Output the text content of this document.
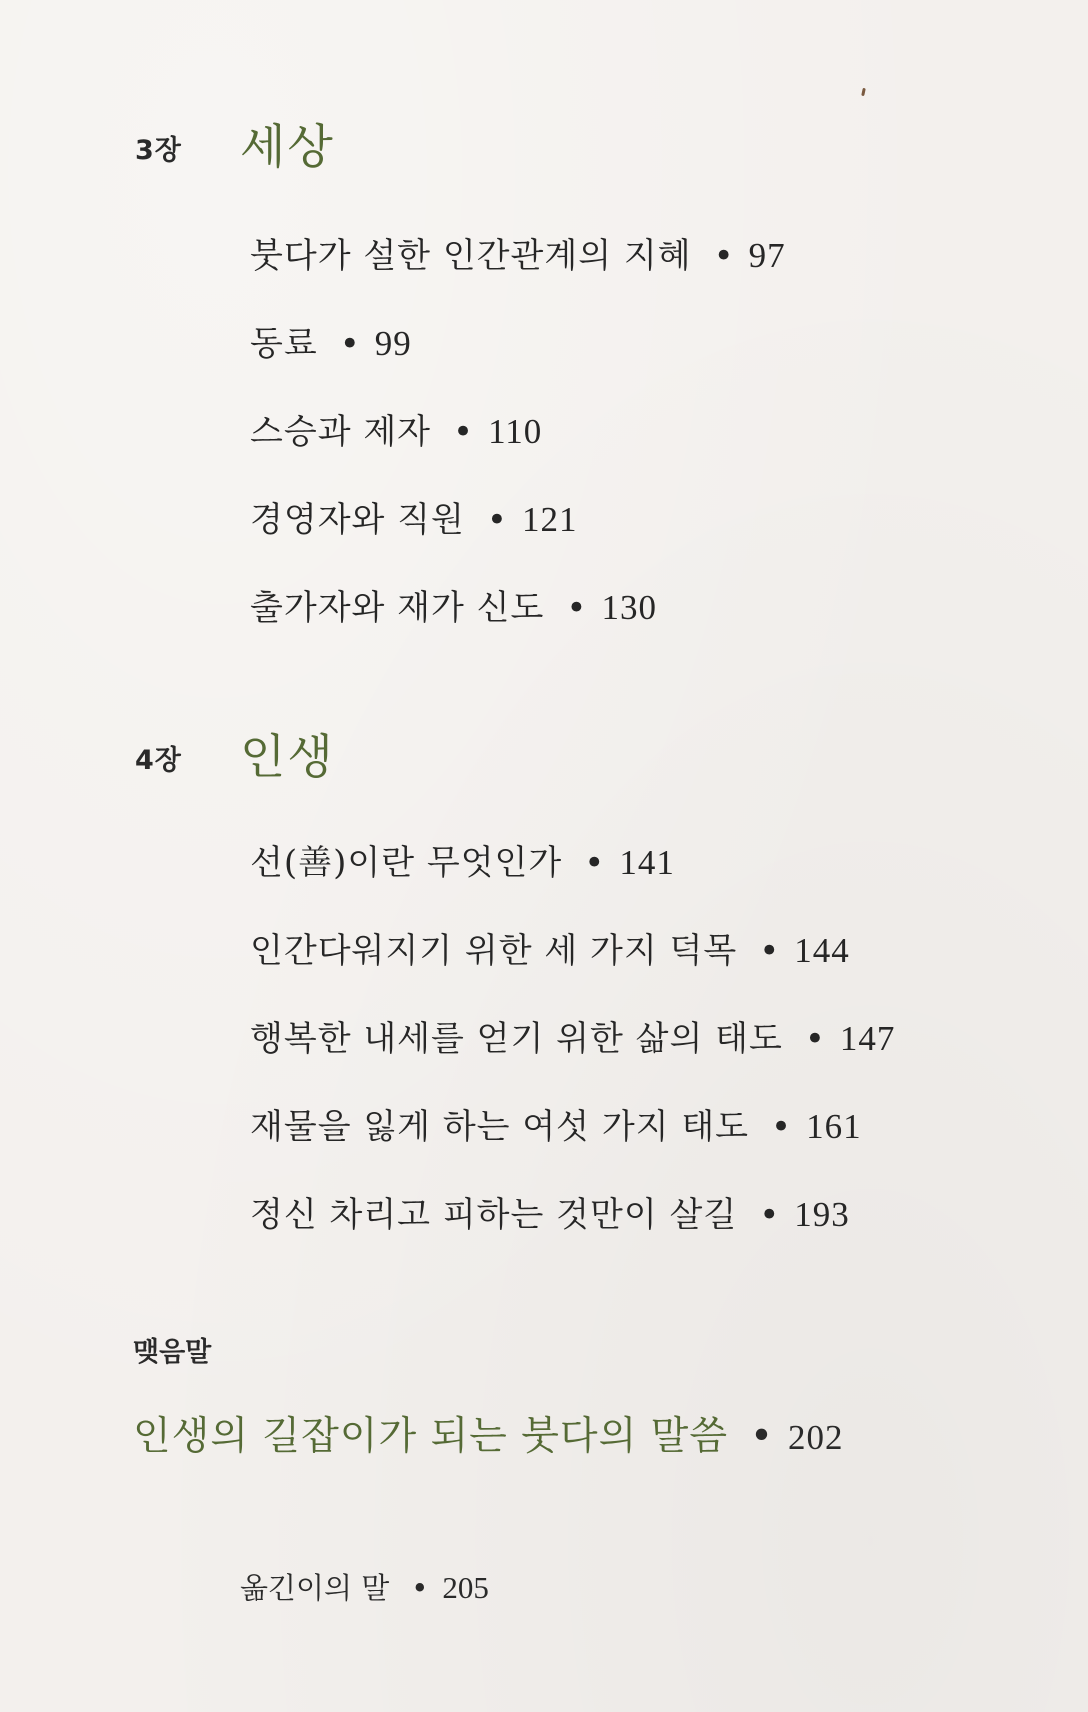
3장 세상
붓다가 설한 인간관계의 지혜 • 97
동료 • 99
스승과 제자 • 110
경영자와 직원 • 121
출가자와 재가 신도 • 130
4장 인생
선(善)이란 무엇인가 • 141
인간다워지기 위한 세 가지 덕목 • 144
행복한 내세를 얻기 위한 삶의 태도 • 147
재물을 잃게 하는 여섯 가지 태도 • 161
정신 차리고 피하는 것만이 살길 • 193
맺음말
인생의 길잡이가 되는 붓다의 말씀 • 202
옮긴이의 말 • 205
